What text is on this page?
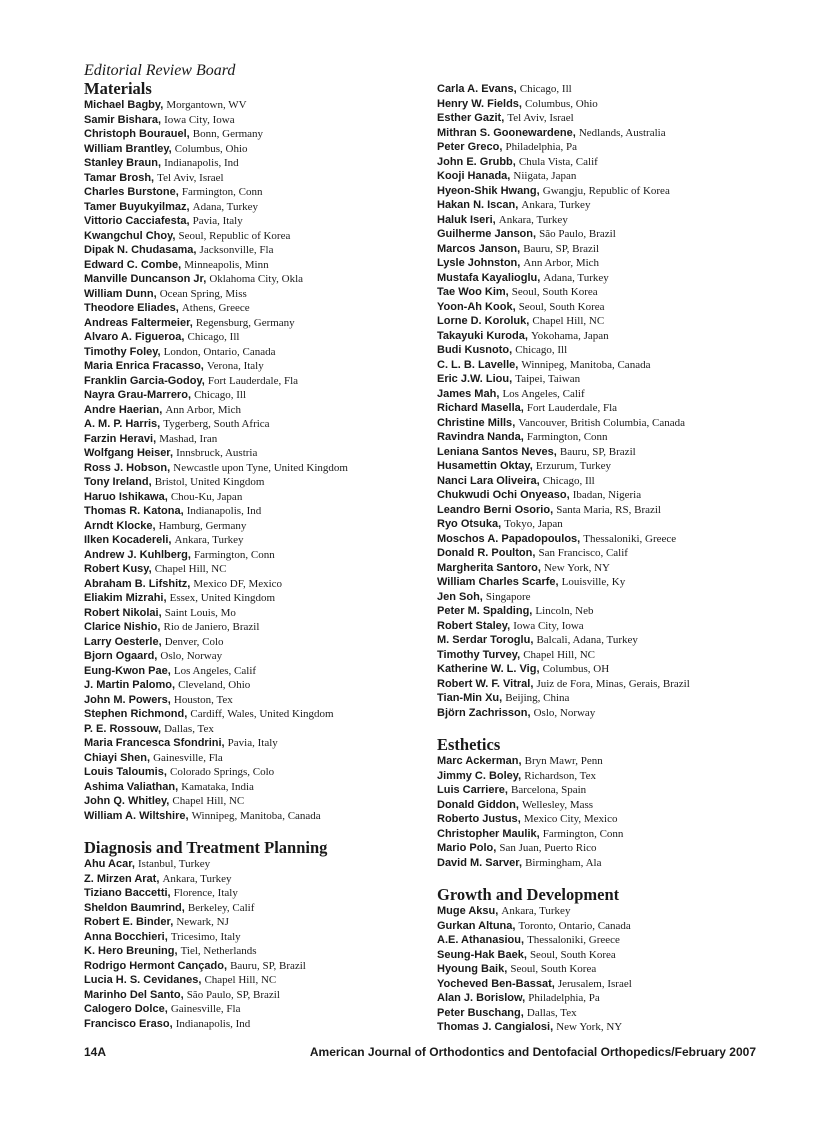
Editorial Review Board
Materials
Michael Bagby, Morgantown, WV
Samir Bishara, Iowa City, Iowa
Christoph Bourauel, Bonn, Germany
William Brantley, Columbus, Ohio
Stanley Braun, Indianapolis, Ind
Tamar Brosh, Tel Aviv, Israel
Charles Burstone, Farmington, Conn
Tamer Buyukyilmaz, Adana, Turkey
Vittorio Cacciafesta, Pavia, Italy
Kwangchul Choy, Seoul, Republic of Korea
Dipak N. Chudasama, Jacksonville, Fla
Edward C. Combe, Minneapolis, Minn
Manville Duncanson Jr, Oklahoma City, Okla
William Dunn, Ocean Spring, Miss
Theodore Eliades, Athens, Greece
Andreas Faltermeier, Regensburg, Germany
Alvaro A. Figueroa, Chicago, Ill
Timothy Foley, London, Ontario, Canada
Maria Enrica Fracasso, Verona, Italy
Franklin Garcia-Godoy, Fort Lauderdale, Fla
Nayra Grau-Marrero, Chicago, Ill
Andre Haerian, Ann Arbor, Mich
A. M. P. Harris, Tygerberg, South Africa
Farzin Heravi, Mashad, Iran
Wolfgang Heiser, Innsbruck, Austria
Ross J. Hobson, Newcastle upon Tyne, United Kingdom
Tony Ireland, Bristol, United Kingdom
Haruo Ishikawa, Chou-Ku, Japan
Thomas R. Katona, Indianapolis, Ind
Arndt Klocke, Hamburg, Germany
Ilken Kocadereli, Ankara, Turkey
Andrew J. Kuhlberg, Farmington, Conn
Robert Kusy, Chapel Hill, NC
Abraham B. Lifshitz, Mexico DF, Mexico
Eliakim Mizrahi, Essex, United Kingdom
Robert Nikolai, Saint Louis, Mo
Clarice Nishio, Rio de Janiero, Brazil
Larry Oesterle, Denver, Colo
Bjorn Ogaard, Oslo, Norway
Eung-Kwon Pae, Los Angeles, Calif
J. Martin Palomo, Cleveland, Ohio
John M. Powers, Houston, Tex
Stephen Richmond, Cardiff, Wales, United Kingdom
P. E. Rossouw, Dallas, Tex
Maria Francesca Sfondrini, Pavia, Italy
Chiayi Shen, Gainesville, Fla
Louis Taloumis, Colorado Springs, Colo
Ashima Valiathan, Kamataka, India
John Q. Whitley, Chapel Hill, NC
William A. Wiltshire, Winnipeg, Manitoba, Canada
Diagnosis and Treatment Planning
Ahu Acar, Istanbul, Turkey
Z. Mirzen Arat, Ankara, Turkey
Tiziano Baccetti, Florence, Italy
Sheldon Baumrind, Berkeley, Calif
Robert E. Binder, Newark, NJ
Anna Bocchieri, Tricesimo, Italy
K. Hero Breuning, Tiel, Netherlands
Rodrigo Hermont Cançado, Bauru, SP, Brazil
Lucia H. S. Cevidanes, Chapel Hill, NC
Marinho Del Santo, São Paulo, SP, Brazil
Calogero Dolce, Gainesville, Fla
Francisco Eraso, Indianapolis, Ind
Carla A. Evans, Chicago, Ill
Henry W. Fields, Columbus, Ohio
Esther Gazit, Tel Aviv, Israel
Mithran S. Goonewardene, Nedlands, Australia
Peter Greco, Philadelphia, Pa
John E. Grubb, Chula Vista, Calif
Kooji Hanada, Niigata, Japan
Hyeon-Shik Hwang, Gwangju, Republic of Korea
Hakan N. Iscan, Ankara, Turkey
Haluk Iseri, Ankara, Turkey
Guilherme Janson, São Paulo, Brazil
Marcos Janson, Bauru, SP, Brazil
Lysle Johnston, Ann Arbor, Mich
Mustafa Kayalioglu, Adana, Turkey
Tae Woo Kim, Seoul, South Korea
Yoon-Ah Kook, Seoul, South Korea
Lorne D. Koroluk, Chapel Hill, NC
Takayuki Kuroda, Yokohama, Japan
Budi Kusnoto, Chicago, Ill
C. L. B. Lavelle, Winnipeg, Manitoba, Canada
Eric J.W. Liou, Taipei, Taiwan
James Mah, Los Angeles, Calif
Richard Masella, Fort Lauderdale, Fla
Christine Mills, Vancouver, British Columbia, Canada
Ravindra Nanda, Farmington, Conn
Leniana Santos Neves, Bauru, SP, Brazil
Husamettin Oktay, Erzurum, Turkey
Nanci Lara Oliveira, Chicago, Ill
Chukwudi Ochi Onyeaso, Ibadan, Nigeria
Leandro Berni Osorio, Santa Maria, RS, Brazil
Ryo Otsuka, Tokyo, Japan
Moschos A. Papadopoulos, Thessaloniki, Greece
Donald R. Poulton, San Francisco, Calif
Margherita Santoro, New York, NY
William Charles Scarfe, Louisville, Ky
Jen Soh, Singapore
Peter M. Spalding, Lincoln, Neb
Robert Staley, Iowa City, Iowa
M. Serdar Toroglu, Balcali, Adana, Turkey
Timothy Turvey, Chapel Hill, NC
Katherine W. L. Vig, Columbus, OH
Robert W. F. Vitral, Juiz de Fora, Minas, Gerais, Brazil
Tian-Min Xu, Beijing, China
Björn Zachrisson, Oslo, Norway
Esthetics
Marc Ackerman, Bryn Mawr, Penn
Jimmy C. Boley, Richardson, Tex
Luis Carriere, Barcelona, Spain
Donald Giddon, Wellesley, Mass
Roberto Justus, Mexico City, Mexico
Christopher Maulik, Farmington, Conn
Mario Polo, San Juan, Puerto Rico
David M. Sarver, Birmingham, Ala
Growth and Development
Muge Aksu, Ankara, Turkey
Gurkan Altuna, Toronto, Ontario, Canada
A.E. Athanasiou, Thessaloniki, Greece
Seung-Hak Baek, Seoul, South Korea
Hyoung Baik, Seoul, South Korea
Yocheved Ben-Bassat, Jerusalem, Israel
Alan J. Borislow, Philadelphia, Pa
Peter Buschang, Dallas, Tex
Thomas J. Cangialosi, New York, NY
14A	American Journal of Orthodontics and Dentofacial Orthopedics/February 2007
